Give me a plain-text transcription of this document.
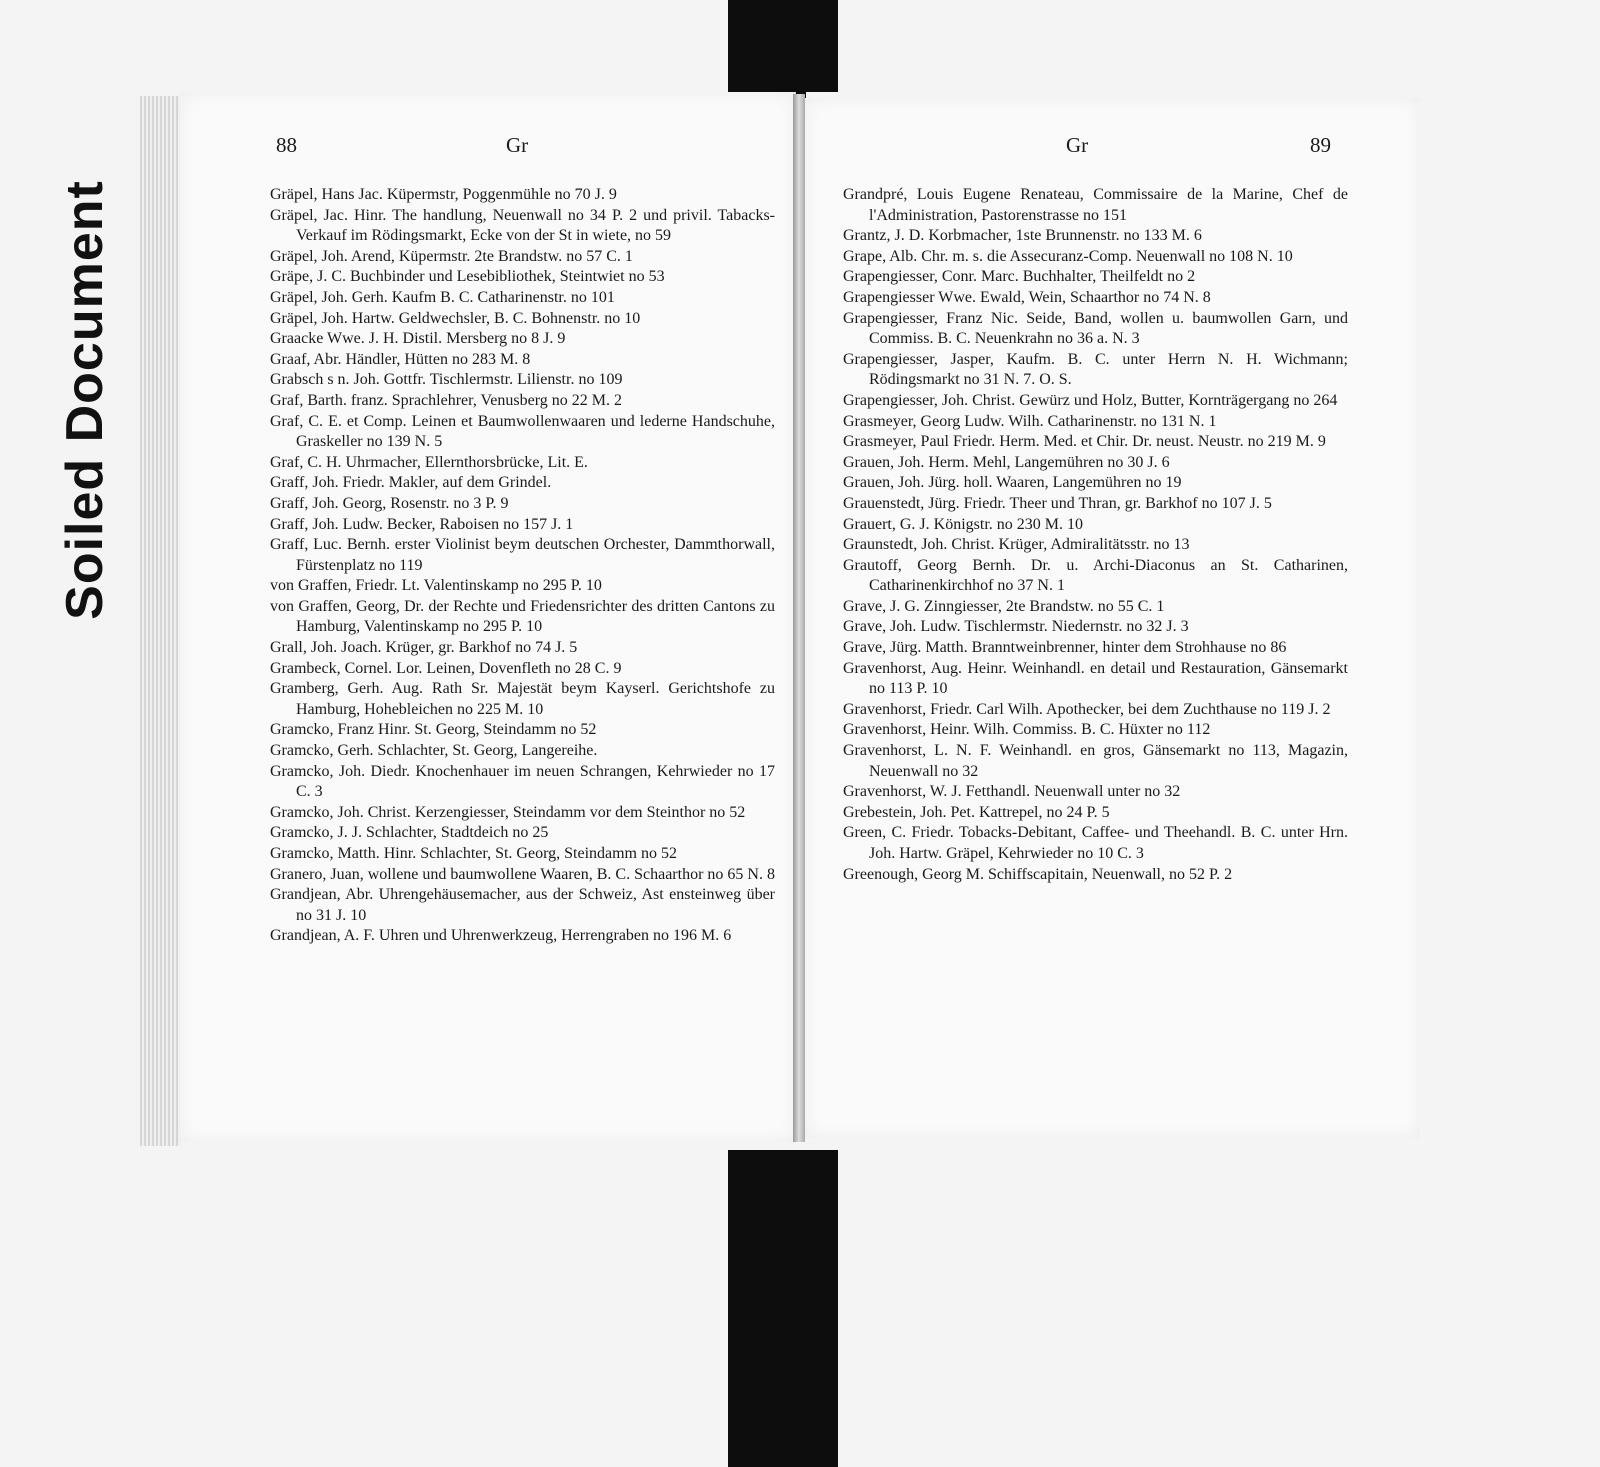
Soiled Document
88	Gr	Gr	89
Gräpel, Hans Jac. Küpermstr, Poggenmühle no 70 J. 9
Gräpel, Jac. Hinr. The handlung, Neuenwall no 34 P. 2 und privil. Tabacks-Verkauf im Rödingsmarkt, Ecke von der St in wiete, no 59
Gräpel, Joh. Arend, Küpermstr. 2te Brandstw. no 57 C. 1
Gräpe, J. C. Buchbinder und Lesebibliothek, Steintwiet no 53
Gräpel, Joh. Gerh. Kaufm B. C. Catharinenstr. no 101
Gräpel, Joh. Hartw. Geldwechsler, B. C. Bohnenstr. no 10
Graacke Wwe. J. H. Distil. Mersberg no 8 J. 9
Graaf, Abr. Händler, Hütten no 283 M. 8
Grabsch s n. Joh. Gottfr. Tischlermstr. Lilienstr. no 109
Graf, Barth. franz. Sprachlehrer, Venusberg no 22 M. 2
Graf, C. E. et Comp. Leinen et Baumwollenwaaren und lederne Handschuhe, Graskeller no 139 N. 5
Graf, C. H. Uhrmacher, Ellernthorsbrücke, Lit. E.
Graff, Joh. Friedr. Makler, auf dem Grindel.
Graff, Joh. Georg, Rosenstr. no 3 P. 9
Graff, Joh. Ludw. Becker, Raboisen no 157 J. 1
Graff, Luc. Bernh. erster Violinist beym deutschen Orchester, Dammthorwall, Fürstenplatz no 119
von Graffen, Friedr. Lt. Valentinskamp no 295 P. 10
von Graffen, Georg, Dr. der Rechte und Friedensrichter des dritten Cantons zu Hamburg, Valentinskamp no 295 P. 10
Grall, Joh. Joach. Krüger, gr. Barkhof no 74 J. 5
Grambeck, Cornel. Lor. Leinen, Dovenfleth no 28 C. 9
Gramberg, Gerh. Aug. Rath Sr. Majestät beym Kayserl. Gerichtshofe zu Hamburg, Hohebleichen no 225 M. 10
Gramcko, Franz Hinr. St. Georg, Steindamm no 52
Gramcko, Gerh. Schlachter, St. Georg, Langereihe.
Gramcko, Joh. Diedr. Knochenhauer im neuen Schrangen, Kehrwieder no 17 C. 3
Gramcko, Joh. Christ. Kerzengiesser, Steindamm vor dem Steinthor no 52
Gramcko, J. J. Schlachter, Stadtdeich no 25
Gramcko, Matth. Hinr. Schlachter, St. Georg, Steindamm no 52
Granero, Juan, wollene und baumwollene Waaren, B. C. Schaarthor no 65 N. 8
Grandjean, Abr. Uhrengehäusemacher, aus der Schweiz, Ast ensteinweg über no 31 J. 10
Grandjean, A. F. Uhren und Uhrenwerkzeug, Herrengraben no 196 M. 6
Grandpré, Louis Eugene Renateau, Commissaire de la Marine, Chef de l'Administration, Pastorenstrasse no 151
Grantz, J. D. Korbmacher, 1ste Brunnenstr. no 133 M. 6
Grape, Alb. Chr. m. s. die Assecuranz-Comp. Neuenwall no 108 N. 10
Grapengiesser, Conr. Marc. Buchhalter, Theilfeldt no 2
Grapengiesser Wwe. Ewald, Wein, Schaarthor no 74 N. 8
Grapengiesser, Franz Nic. Seide, Band, wollen u. baumwollen Garn, und Commiss. B. C. Neuenkrahn no 36 a. N. 3
Grapengiesser, Jasper, Kaufm. B. C. unter Herrn N. H. Wichmann; Rödingsmarkt no 31 N. 7. O. S.
Grapengiesser, Joh. Christ. Gewürz und Holz, Butter, Kornträgergang no 264
Grasmeyer, Georg Ludw. Wilh. Catharinenstr. no 131 N. 1
Grasmeyer, Paul Friedr. Herm. Med. et Chir. Dr. neust. Neustr. no 219 M. 9
Grauen, Joh. Herm. Mehl, Langemühren no 30 J. 6
Grauen, Joh. Jürg. holl. Waaren, Langemühren no 19
Grauenstedt, Jürg. Friedr. Theer und Thran, gr. Barkhof no 107 J. 5
Grauert, G. J. Königstr. no 230 M. 10
Graunstedt, Joh. Christ. Krüger, Admiralitätsstr. no 13
Grautoff, Georg Bernh. Dr. u. Archi-Diaconus an St. Catharinen, Catharinenkirchhof no 37 N. 1
Grave, J. G. Zinngiesser, 2te Brandstw. no 55 C. 1
Grave, Joh. Ludw. Tischlermstr. Niedernstr. no 32 J. 3
Grave, Jürg. Matth. Branntweinbrenner, hinter dem Strohhause no 86
Gravenhorst, Aug. Heinr. Weinhandl. en detail und Restauration, Gänsemarkt no 113 P. 10
Gravenhorst, Friedr. Carl Wilh. Apothecker, bei dem Zuchthause no 119 J. 2
Gravenhorst, Heinr. Wilh. Commiss. B. C. Hüxter no 112
Gravenhorst, L. N. F. Weinhandl. en gros, Gänsemarkt no 113, Magazin, Neuenwall no 32
Gravenhorst, W. J. Fetthandl. Neuenwall unter no 32
Grebestein, Joh. Pet. Kattrepel, no 24 P. 5
Green, C. Friedr. Tobacks-Debitant, Caffee- und Theehandl. B. C. unter Hrn. Joh. Hartw. Gräpel, Kehrwieder no 10 C. 3
Greenough, Georg M. Schiffscapitain, Neuenwall, no 52 P. 2
